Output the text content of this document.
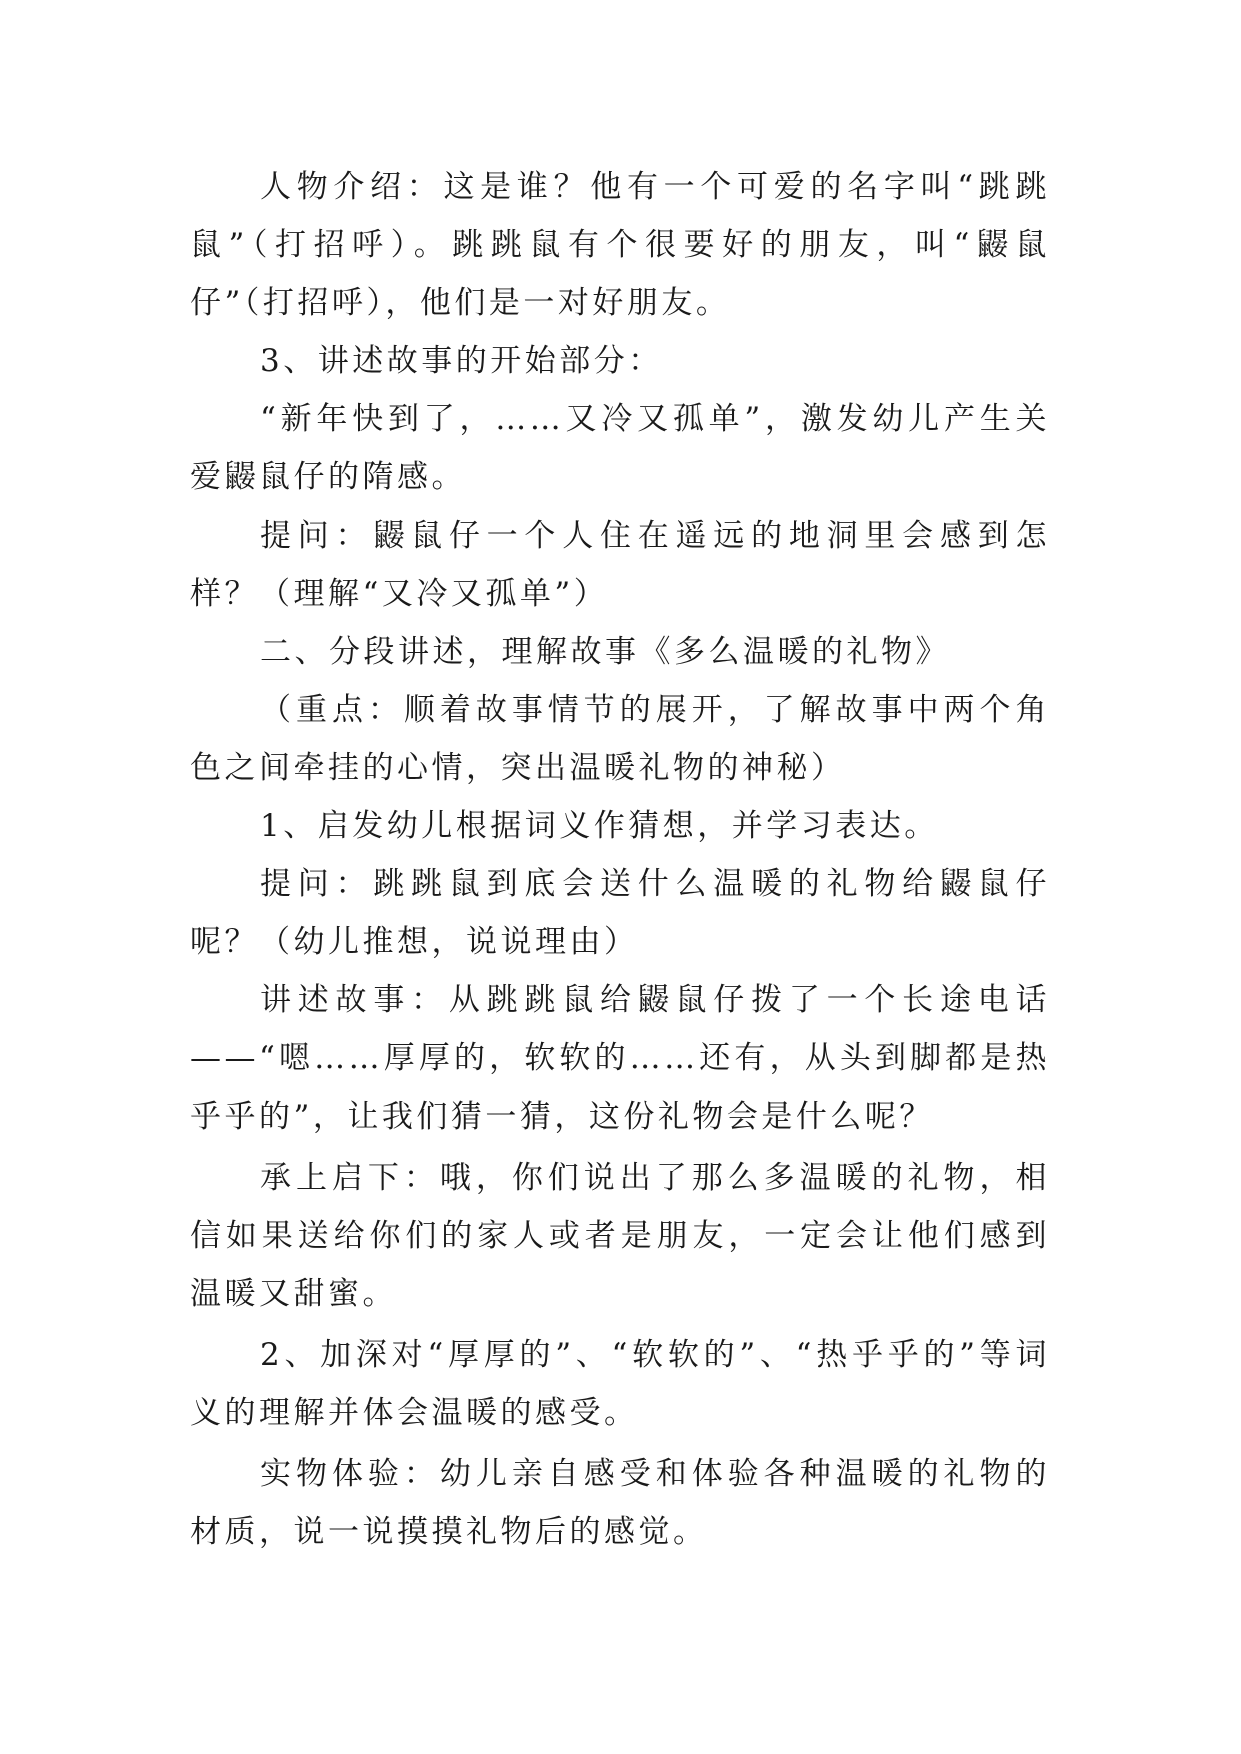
人物介绍：这是谁？他有一个可爱的名字叫“跳跳鼠”（打招呼）。跳跳鼠有个很要好的朋友，叫“鼹鼠仔”（打招呼），他们是一对好朋友。

3、讲述故事的开始部分：

“新年快到了，……又冷又孤单”，激发幼儿产生关爱鼹鼠仔的隋感。

提问：鼹鼠仔一个人住在遥远的地洞里会感到怎样？（理解“又冷又孤单”）

二、分段讲述，理解故事《多么温暖的礼物》

（重点：顺着故事情节的展开，了解故事中两个角色之间牵挂的心情，突出温暖礼物的神秘）

1、启发幼儿根据词义作猜想，并学习表达。

提问：跳跳鼠到底会送什么温暖的礼物给鼹鼠仔呢？（幼儿推想，说说理由）

讲述故事：从跳跳鼠给鼹鼠仔拨了一个长途电话——“嗯……厚厚的，软软的……还有，从头到脚都是热乎乎的”，让我们猜一猜，这份礼物会是什么呢？

承上启下：哦，你们说出了那么多温暖的礼物，相信如果送给你们的家人或者是朋友，一定会让他们感到温暖又甜蜜。

2、加深对“厚厚的”、“软软的”、“热乎乎的”等词义的理解并体会温暖的感受。

实物体验：幼儿亲自感受和体验各种温暖的礼物的材质，说一说摸摸礼物后的感觉。
